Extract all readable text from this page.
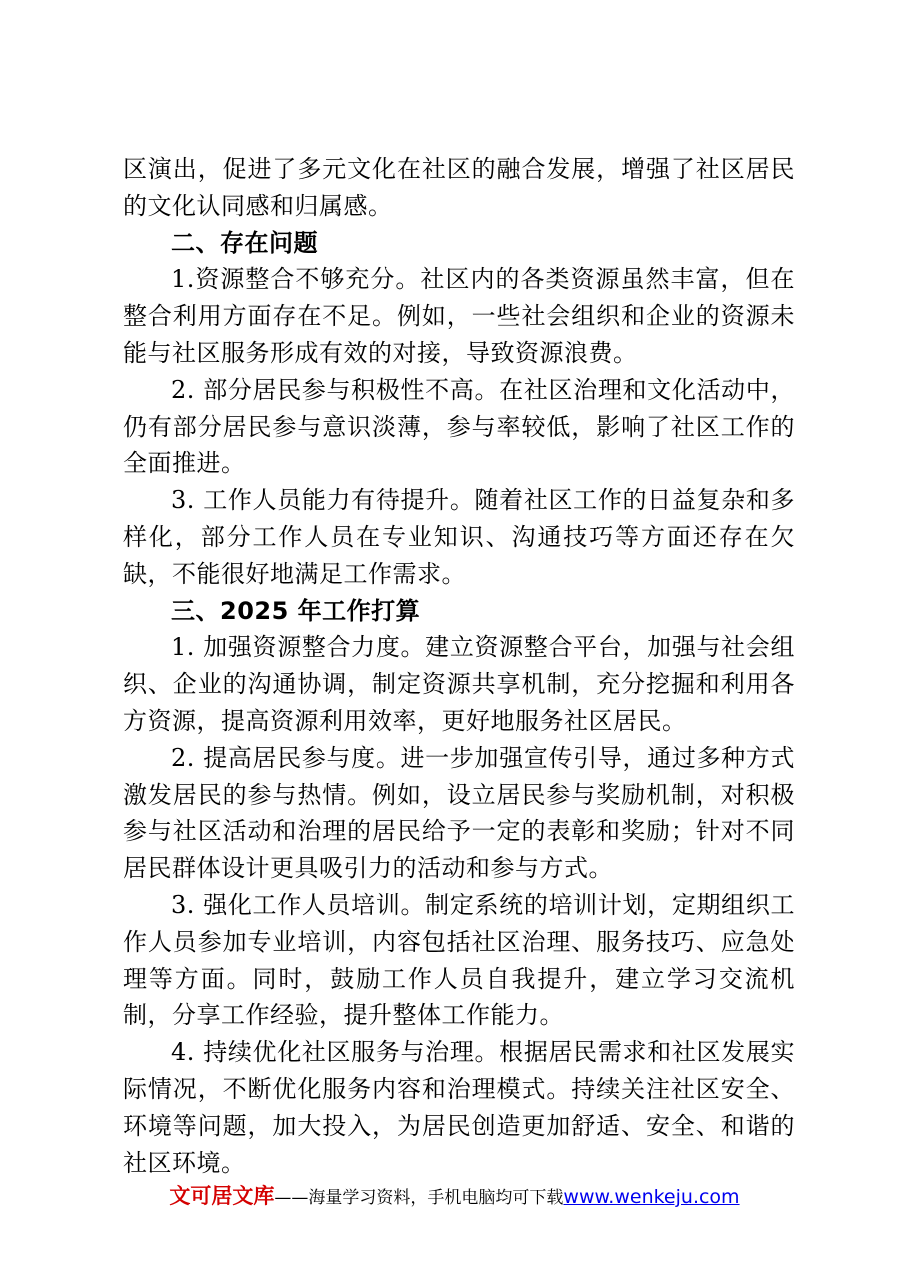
区演出，促进了多元文化在社区的融合发展，增强了社区居民的文化认同感和归属感。

二、存在问题

1.资源整合不够充分。社区内的各类资源虽然丰富，但在整合利用方面存在不足。例如，一些社会组织和企业的资源未能与社区服务形成有效的对接，导致资源浪费。

2. 部分居民参与积极性不高。在社区治理和文化活动中，仍有部分居民参与意识淡薄，参与率较低，影响了社区工作的全面推进。

3. 工作人员能力有待提升。随着社区工作的日益复杂和多样化，部分工作人员在专业知识、沟通技巧等方面还存在欠缺，不能很好地满足工作需求。

三、2025 年工作打算

1. 加强资源整合力度。建立资源整合平台，加强与社会组织、企业的沟通协调，制定资源共享机制，充分挖掘和利用各方资源，提高资源利用效率，更好地服务社区居民。

2. 提高居民参与度。进一步加强宣传引导，通过多种方式激发居民的参与热情。例如，设立居民参与奖励机制，对积极参与社区活动和治理的居民给予一定的表彰和奖励；针对不同居民群体设计更具吸引力的活动和参与方式。

3. 强化工作人员培训。制定系统的培训计划，定期组织工作人员参加专业培训，内容包括社区治理、服务技巧、应急处理等方面。同时，鼓励工作人员自我提升，建立学习交流机制，分享工作经验，提升整体工作能力。

4. 持续优化社区服务与治理。根据居民需求和社区发展实际情况，不断优化服务内容和治理模式。持续关注社区安全、环境等问题，加大投入，为居民创造更加舒适、安全、和谐的社区环境。

文可居文库——海量学习资料，手机电脑均可下载www.wenkeju.com
